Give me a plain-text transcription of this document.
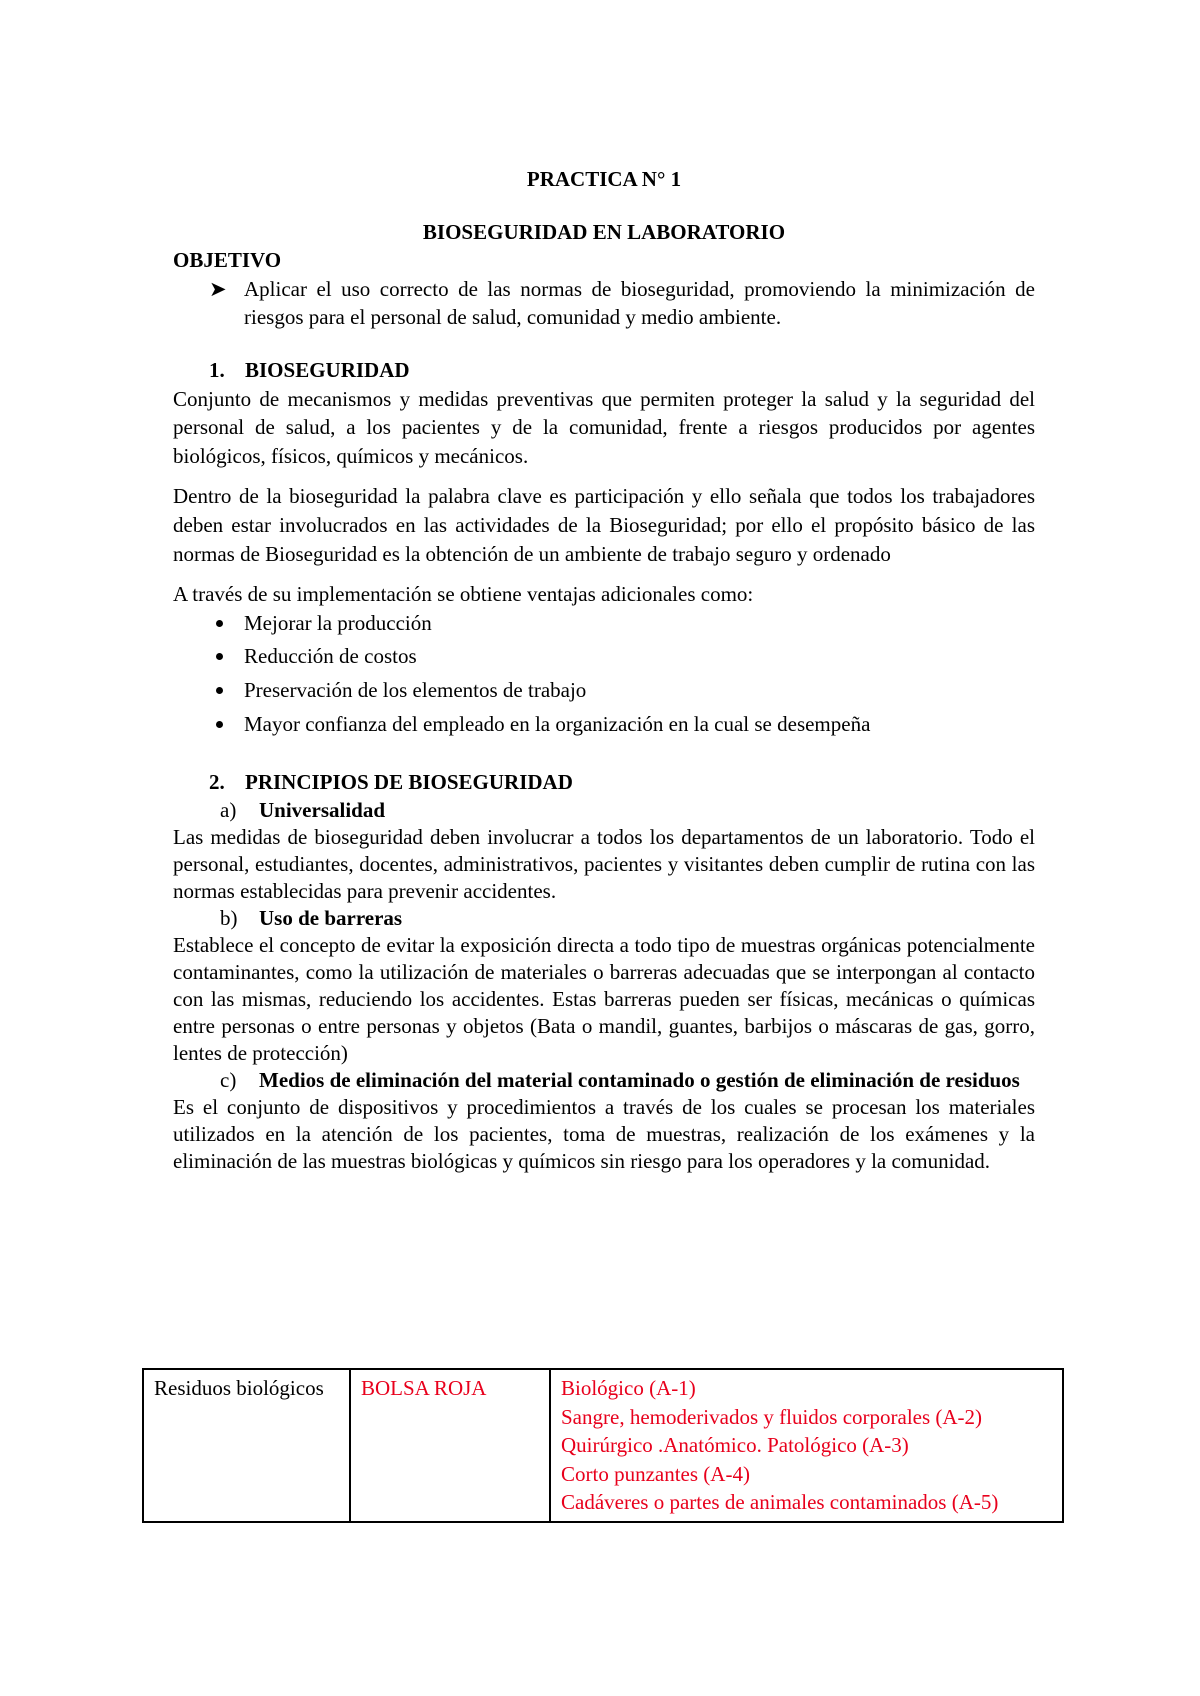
PRACTICA N° 1

BIOSEGURIDAD EN LABORATORIO

OBJETIVO

➤ Aplicar el uso correcto de las normas de bioseguridad, promoviendo la minimización de riesgos para el personal de salud, comunidad y medio ambiente.
1. BIOSEGURIDAD

Conjunto de mecanismos y medidas preventivas que permiten proteger la salud y la seguridad del personal de salud, a los pacientes y de la comunidad, frente a riesgos producidos por agentes biológicos, físicos, químicos y mecánicos.

Dentro de la bioseguridad la palabra clave es participación y ello señala que todos los trabajadores deben estar involucrados en las actividades de la Bioseguridad; por ello el propósito básico de las normas de Bioseguridad es la obtención de un ambiente de trabajo seguro y ordenado

A través de su implementación se obtiene ventajas adicionales como:

Mejorar la producción
Reducción de costos
Preservación de los elementos de trabajo
Mayor confianza del empleado en la organización en la cual se desempeña
2. PRINCIPIOS DE BIOSEGURIDAD
a) Universalidad

Las medidas de bioseguridad deben involucrar a todos los departamentos de un laboratorio. Todo el personal, estudiantes, docentes, administrativos, pacientes y visitantes deben cumplir de rutina con las normas establecidas para prevenir accidentes.

b) Uso de barreras

Establece el concepto de evitar la exposición directa a todo tipo de muestras orgánicas potencialmente contaminantes, como la utilización de materiales o barreras adecuadas que se interpongan al contacto con las mismas, reduciendo los accidentes. Estas barreras pueden ser físicas, mecánicas o químicas entre personas o entre personas y objetos (Bata o mandil, guantes, barbijos o máscaras de gas, gorro, lentes de protección)

c) Medios de eliminación del material contaminado o gestión de eliminación de residuos

Es el conjunto de dispositivos y procedimientos a través de los cuales se procesan los materiales utilizados en la atención de los pacientes, toma de muestras, realización de los exámenes y la eliminación de las muestras biológicas y químicos sin riesgo para los operadores y la comunidad.

Residuos biológicos	BOLSA ROJA	Biológico (A-1)
Sangre, hemoderivados y fluidos corporales (A-2)
Quirúrgico .Anatómico. Patológico (A-3)
Corto punzantes (A-4)
Cadáveres o partes de animales contaminados (A-5)
